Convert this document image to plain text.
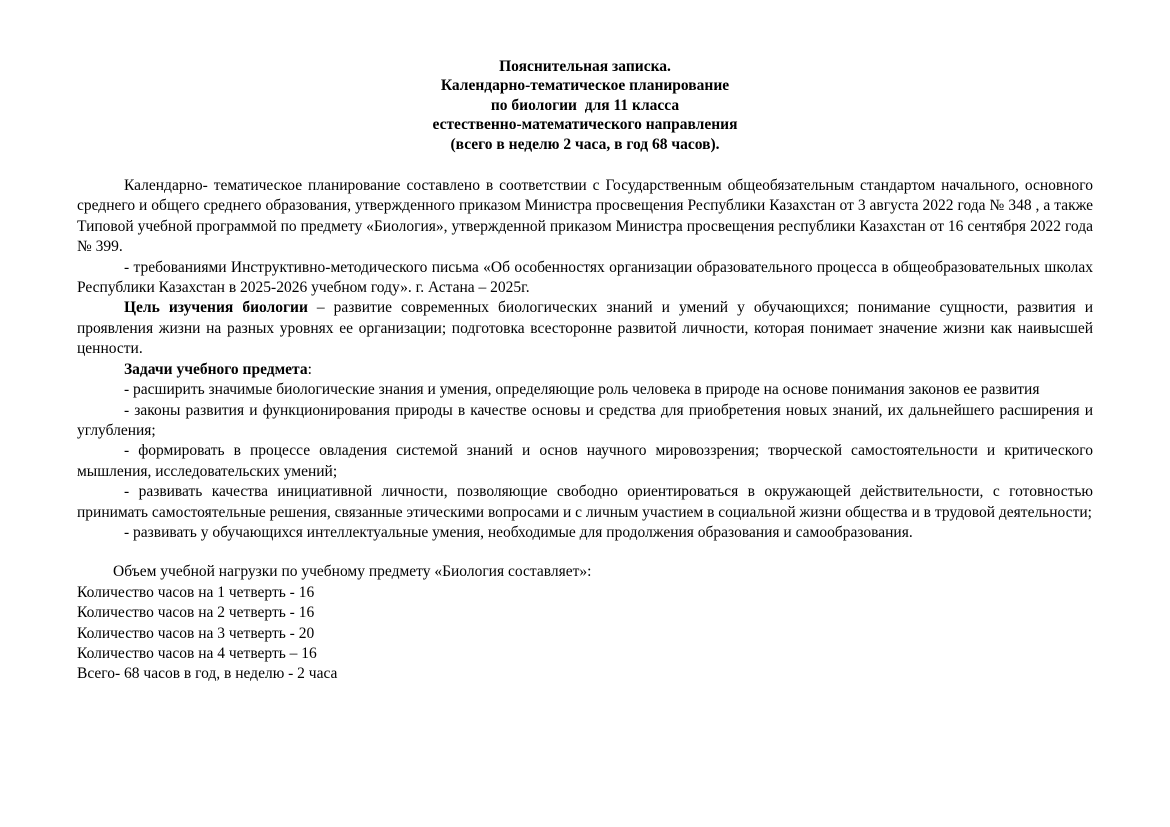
Пояснительная записка.
Календарно-тематическое планирование
по биологии  для 11 класса
естественно-математического направления
(всего в неделю 2 часа, в год 68 часов).

Календарно- тематическое планирование составлено в соответствии с Государственным общеобязательным стандартом начального, основного среднего и общего среднего образования, утвержденного приказом Министра просвещения Республики Казахстан от 3 августа 2022 года № 348 , а также Типовой учебной программой по предмету «Биология», утвержденной приказом Министра просвещения республики Казахстан от 16 сентября 2022 года № 399.

- требованиями Инструктивно-методического письма «Об особенностях организации образовательного процесса в общеобразовательных школах Республики Казахстан в 2025-2026 учебном году». г. Астана – 2025г.

Цель изучения биологии – развитие современных биологических знаний и умений у обучающихся; понимание сущности, развития и проявления жизни на разных уровнях ее организации; подготовка всесторонне развитой личности, которая понимает значение жизни как наивысшей ценности.

Задачи учебного предмета:

- расширить значимые биологические знания и умения, определяющие роль человека в природе на основе понимания законов ее развития

- законы развития и функционирования природы в качестве основы и средства для приобретения новых знаний, их дальнейшего расширения и углубления;

- формировать в процессе овладения системой знаний и основ научного мировоззрения; творческой самостоятельности и критического мышления, исследовательских умений;

- развивать качества инициативной личности, позволяющие свободно ориентироваться в окружающей действительности, с готовностью принимать самостоятельные решения, связанные этическими вопросами и с личным участием в социальной жизни общества и в трудовой деятельности;

- развивать у обучающихся интеллектуальные умения, необходимые для продолжения образования и самообразования.

Объем учебной нагрузки по учебному предмету «Биология составляет»:

Количество часов на 1 четверть - 16

Количество часов на 2 четверть - 16

Количество часов на 3 четверть - 20

Количество часов на 4 четверть – 16

Всего- 68 часов в год, в неделю - 2 часа
